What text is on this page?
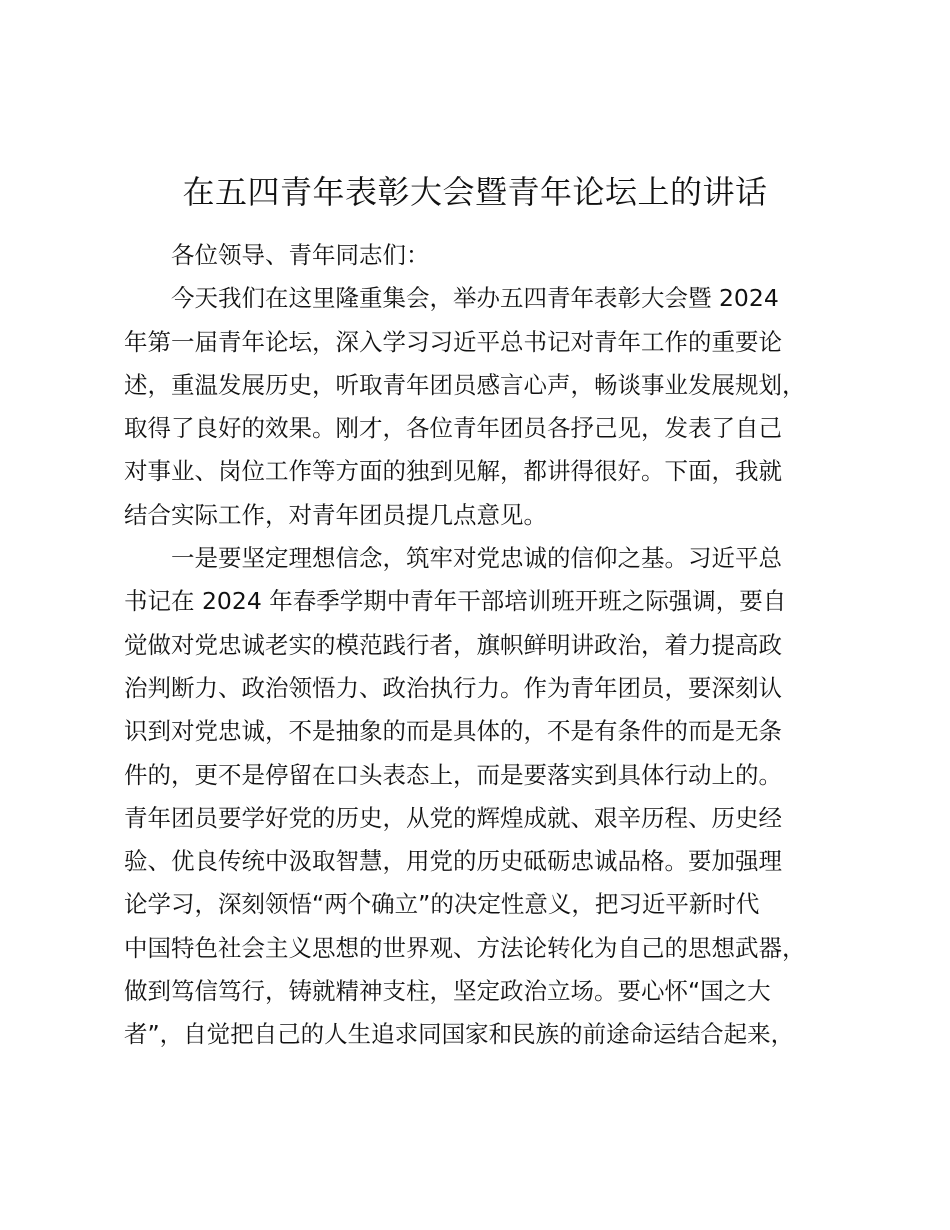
在五四青年表彰大会暨青年论坛上的讲话
各位领导、青年同志们：
今天我们在这里隆重集会，举办五四青年表彰大会暨 2024
年第一届青年论坛，深入学习习近平总书记对青年工作的重要论
述，重温发展历史，听取青年团员感言心声，畅谈事业发展规划，
取得了良好的效果。刚才，各位青年团员各抒己见，发表了自己
对事业、岗位工作等方面的独到见解，都讲得很好。下面，我就
结合实际工作，对青年团员提几点意见。
一是要坚定理想信念，筑牢对党忠诚的信仰之基。习近平总
书记在 2024 年春季学期中青年干部培训班开班之际强调，要自
觉做对党忠诚老实的模范践行者，旗帜鲜明讲政治，着力提高政
治判断力、政治领悟力、政治执行力。作为青年团员，要深刻认
识到对党忠诚，不是抽象的而是具体的，不是有条件的而是无条
件的，更不是停留在口头表态上，而是要落实到具体行动上的。
青年团员要学好党的历史，从党的辉煌成就、艰辛历程、历史经
验、优良传统中汲取智慧，用党的历史砥砺忠诚品格。要加强理
论学习，深刻领悟“两个确立”的决定性意义，把习近平新时代
中国特色社会主义思想的世界观、方法论转化为自己的思想武器，
做到笃信笃行，铸就精神支柱，坚定政治立场。要心怀“国之大
者”，自觉把自己的人生追求同国家和民族的前途命运结合起来，
